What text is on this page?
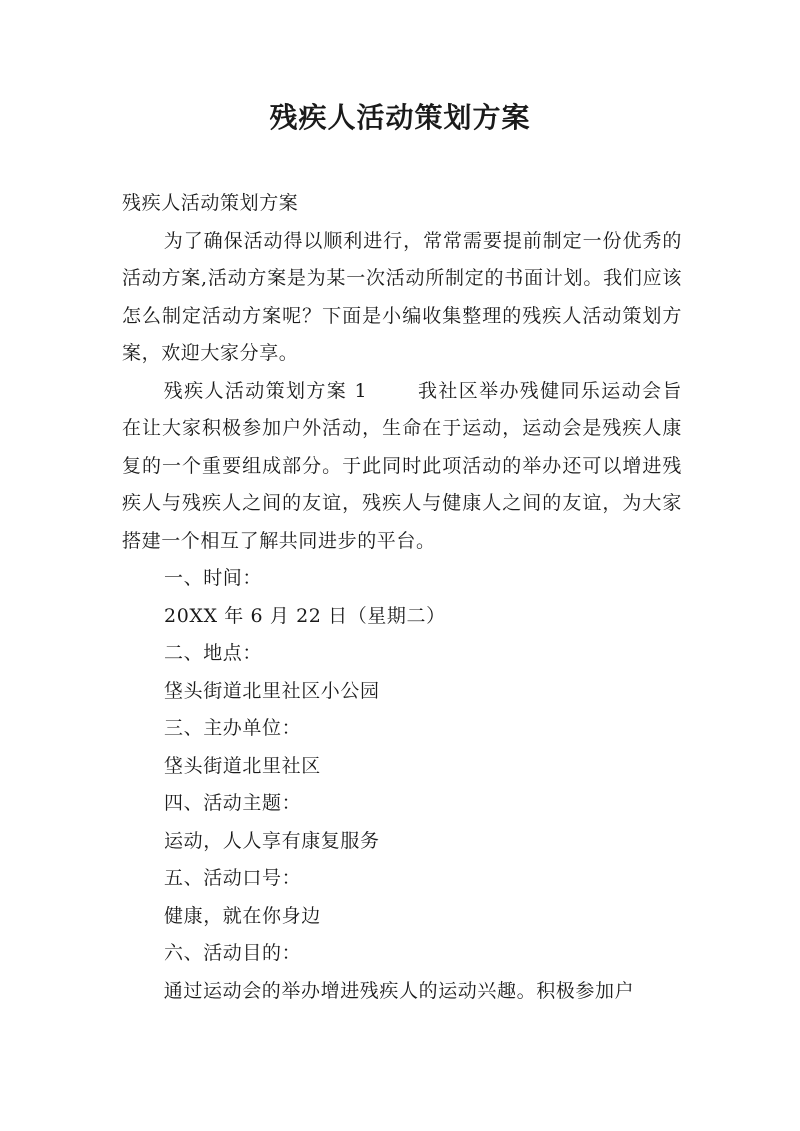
残疾人活动策划方案

残疾人活动策划方案

为了确保活动得以顺利进行，常常需要提前制定一份优秀的活动方案,活动方案是为某一次活动所制定的书面计划。我们应该怎么制定活动方案呢？下面是小编收集整理的残疾人活动策划方案，欢迎大家分享。

残疾人活动策划方案 1	我社区举办残健同乐运动会旨在让大家积极参加户外活动，生命在于运动，运动会是残疾人康复的一个重要组成部分。于此同时此项活动的举办还可以增进残疾人与残疾人之间的友谊，残疾人与健康人之间的友谊，为大家搭建一个相互了解共同进步的平台。

一、时间：

20XX 年 6 月 22 日（星期二）

二、地点：

垡头街道北里社区小公园

三、主办单位：

垡头街道北里社区

四、活动主题：

运动，人人享有康复服务

五、活动口号：

健康，就在你身边

六、活动目的：

通过运动会的举办增进残疾人的运动兴趣。积极参加户
